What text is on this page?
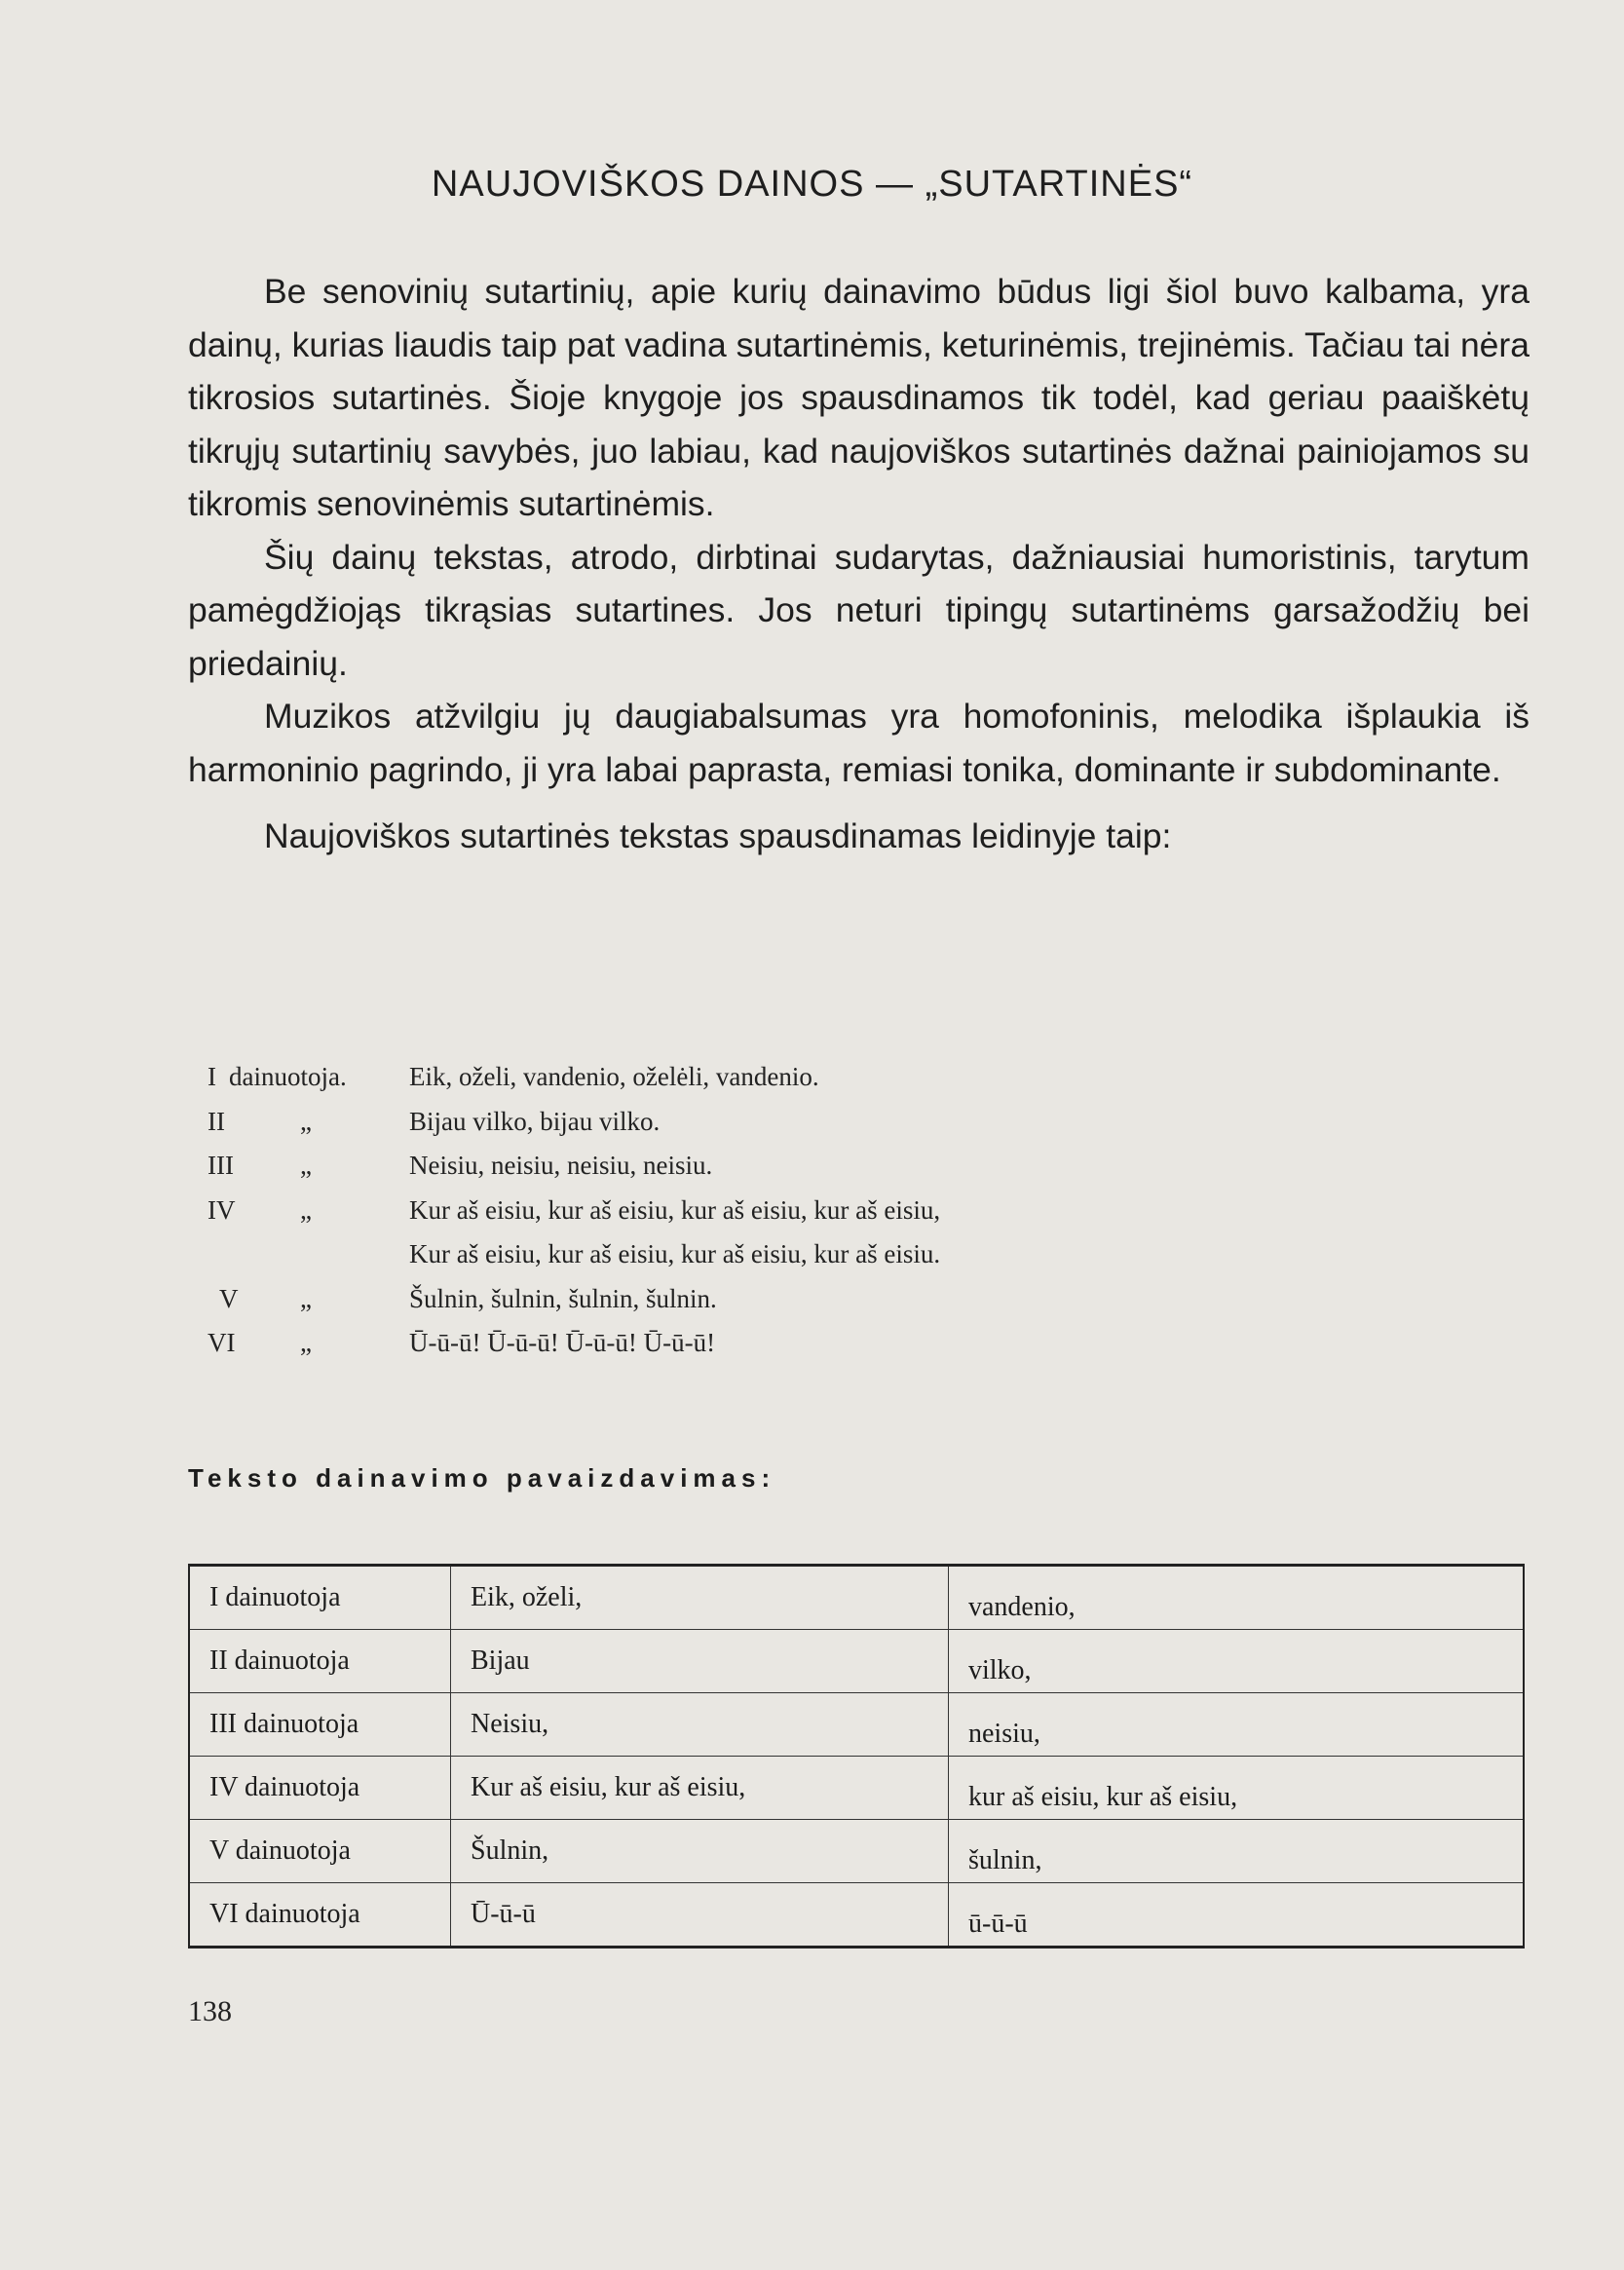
NAUJOVIŠKOS DAINOS — „SUTARTINĖS“

Be senovinių sutartinių, apie kurių dainavimo būdus ligi šiol buvo kalbama, yra dainų, kurias liaudis taip pat vadina sutartinėmis, keturinėmis, trejinėmis. Tačiau tai nėra tikrosios sutartinės. Šioje knygoje jos spausdinamos tik todėl, kad geriau paaiškėtų tikrųjų sutartinių savybės, juo labiau, kad naujoviškos sutartinės dažnai painiojamos su tikromis senovinėmis sutartinėmis.

Šių dainų tekstas, atrodo, dirbtinai sudarytas, dažniausiai humoristinis, tarytum pamėgdžiojąs tikrąsias sutartines. Jos neturi tipingų sutartinėms garsažodžių bei priedainių.

Muzikos atžvilgiu jų daugiabalsumas yra homofoninis, melodika išplaukia iš harmoninio pagrindo, ji yra labai paprasta, remiasi tonika, dominante ir subdominante.

Naujoviškos sutartinės tekstas spausdinamas leidinyje taip:

I dainuotoja. Eik, oželi, vandenio, oželėli, vandenio.
II	„	Bijau vilko, bijau vilko.
III	„	Neisiu, neisiu, neisiu, neisiu.
IV	„	Kur aš eisiu, kur aš eisiu, kur aš eisiu, kur aš eisiu,
Kur aš eisiu, kur aš eisiu, kur aš eisiu, kur aš eisiu.
V	„	Šulnin, šulnin, šulnin, šulnin.
VI	„	Ū-ū-ū! Ū-ū-ū! Ū-ū-ū! Ū-ū-ū!
Teksto dainavimo pavaizdavimas:
I dainuotoja	Eik, oželi,	vandenio,
II dainuotoja	Bijau	vilko,
III dainuotoja	Neisiu,	neisiu,
IV dainuotoja	Kur aš eisiu, kur aš eisiu,	kur aš eisiu, kur aš eisiu,
V dainuotoja	Šulnin,	šulnin,
VI dainuotoja	Ū-ū-ū	ū-ū-ū
138
